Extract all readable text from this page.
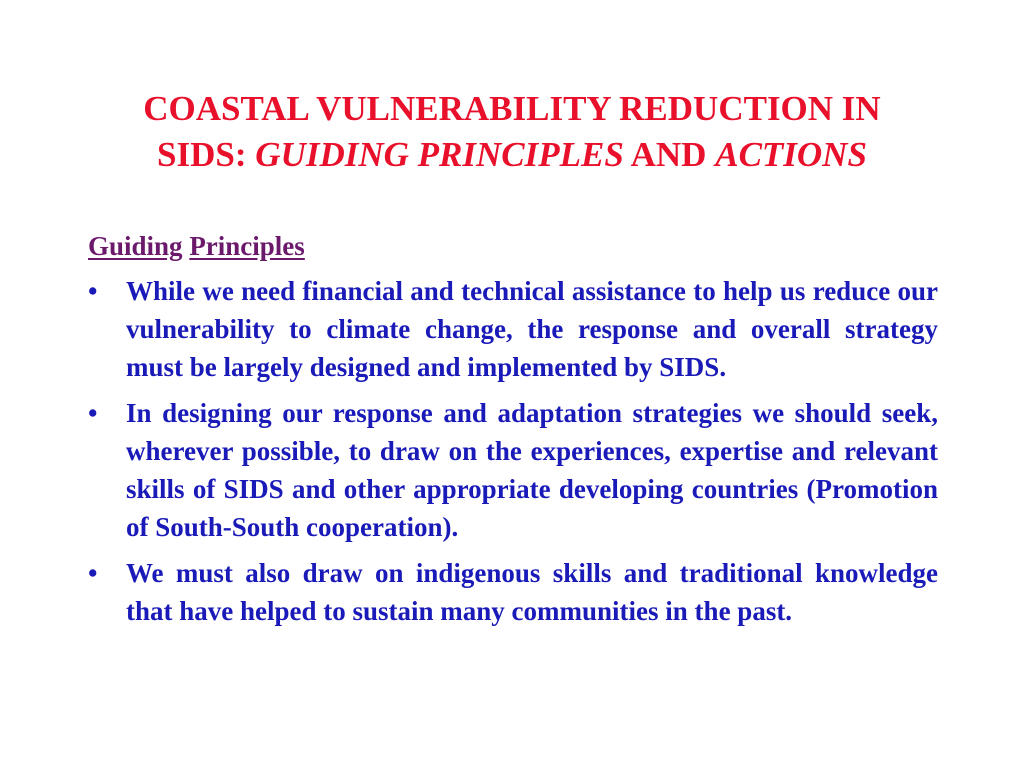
COASTAL VULNERABILITY REDUCTION IN
SIDS: GUIDING PRINCIPLES AND ACTIONS
Guiding Principles
• While we need financial and technical assistance to help us reduce our vulnerability to climate change, the response and overall strategy must be largely designed and implemented by SIDS.
• In designing our response and adaptation strategies we should seek, wherever possible, to draw on the experiences, expertise and relevant skills of SIDS and other appropriate developing countries (Promotion of South-South cooperation).
• We must also draw on indigenous skills and traditional knowledge that have helped to sustain many communities in the past.
